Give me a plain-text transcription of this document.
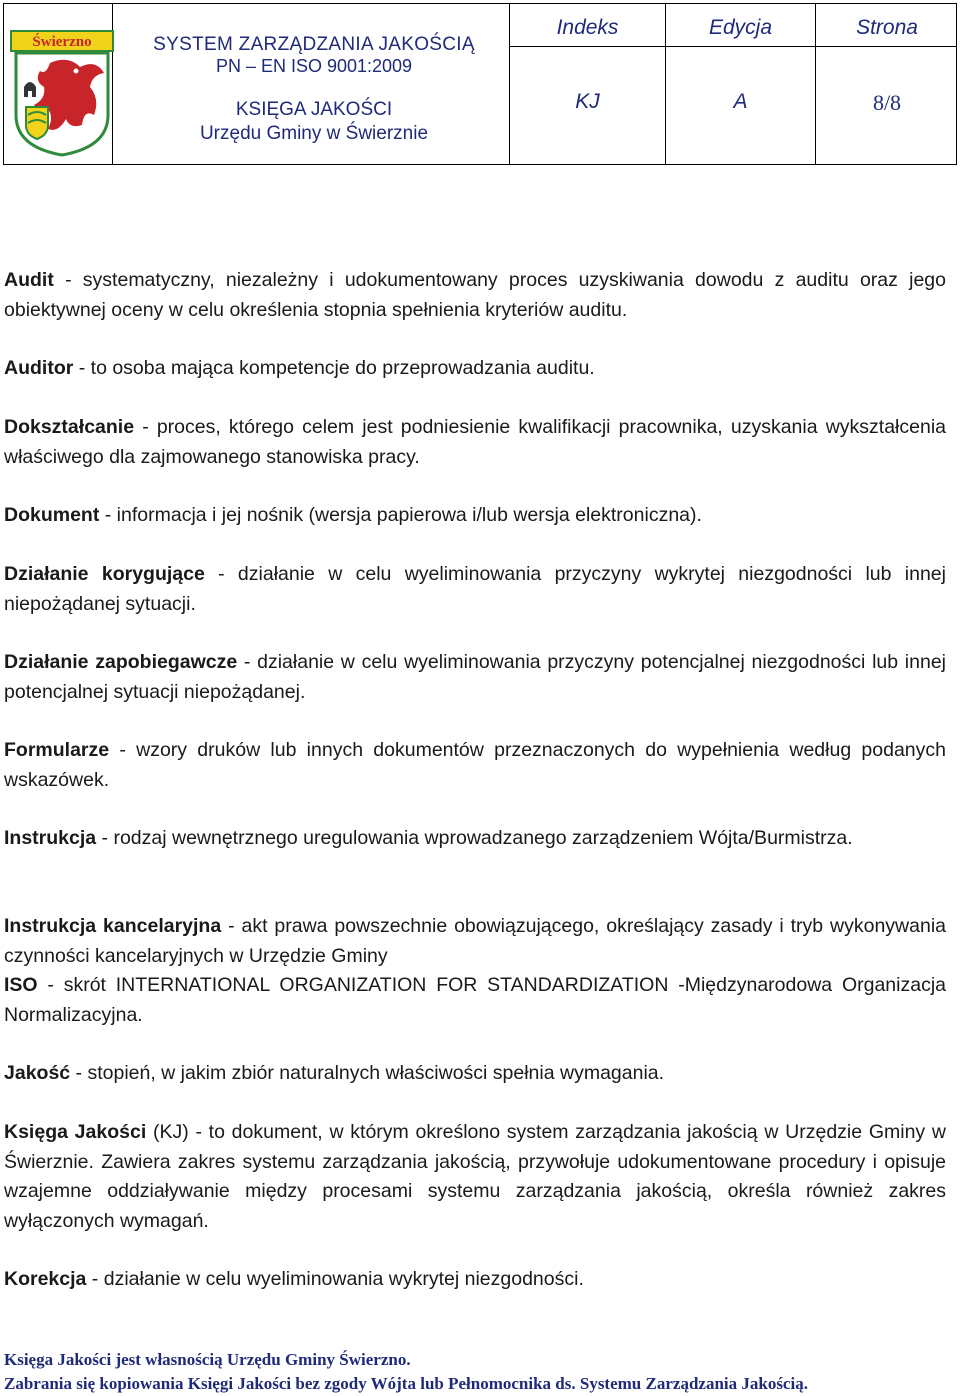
Świerzno	SYSTEM ZARZĄDZANIA JAKOŚCIĄ
PN – EN ISO 9001:2009
KSIĘGA JAKOŚCI
Urzędu Gminy w Świerznie
Indeks	Edycja	Strona
KJ	A	8/8
Audit - systematyczny, niezależny i udokumentowany proces uzyskiwania dowodu z auditu oraz jego obiektywnej oceny w celu określenia stopnia spełnienia kryteriów auditu.
Auditor - to osoba mająca kompetencje do przeprowadzania auditu.
Dokształcanie - proces, którego celem jest podniesienie kwalifikacji pracownika, uzyskania wykształcenia właściwego dla zajmowanego stanowiska pracy.
Dokument - informacja i jej nośnik (wersja papierowa i/lub wersja elektroniczna).
Działanie korygujące - działanie w celu wyeliminowania przyczyny wykrytej niezgodności lub innej niepożądanej sytuacji.
Działanie zapobiegawcze - działanie w celu wyeliminowania przyczyny potencjalnej niezgodności lub innej potencjalnej sytuacji niepożądanej.
Formularze - wzory druków lub innych dokumentów przeznaczonych do wypełnienia według podanych wskazówek.
Instrukcja - rodzaj wewnętrznego uregulowania wprowadzanego zarządzeniem Wójta/Burmistrza.
Instrukcja kancelaryjna - akt prawa powszechnie obowiązującego, określający zasady i tryb wykonywania czynności kancelaryjnych w Urzędzie Gminy
ISO - skrót INTERNATIONAL ORGANIZATION FOR STANDARDIZATION -Międzynarodowa Organizacja Normalizacyjna.
Jakość - stopień, w jakim zbiór naturalnych właściwości spełnia wymagania.
Księga Jakości (KJ) - to dokument, w którym określono system zarządzania jakością w Urzędzie Gminy w Świerznie. Zawiera zakres systemu zarządzania jakością, przywołuje udokumentowane procedury i opisuje wzajemne oddziaływanie między procesami systemu zarządzania jakością, określa również zakres wyłączonych wymagań.
Korekcja - działanie w celu wyeliminowania wykrytej niezgodności.
Księga Jakości jest własnością Urzędu Gminy Świerzno.
Zabrania się kopiowania Księgi Jakości bez zgody Wójta lub Pełnomocnika ds. Systemu Zarządzania Jakością.
